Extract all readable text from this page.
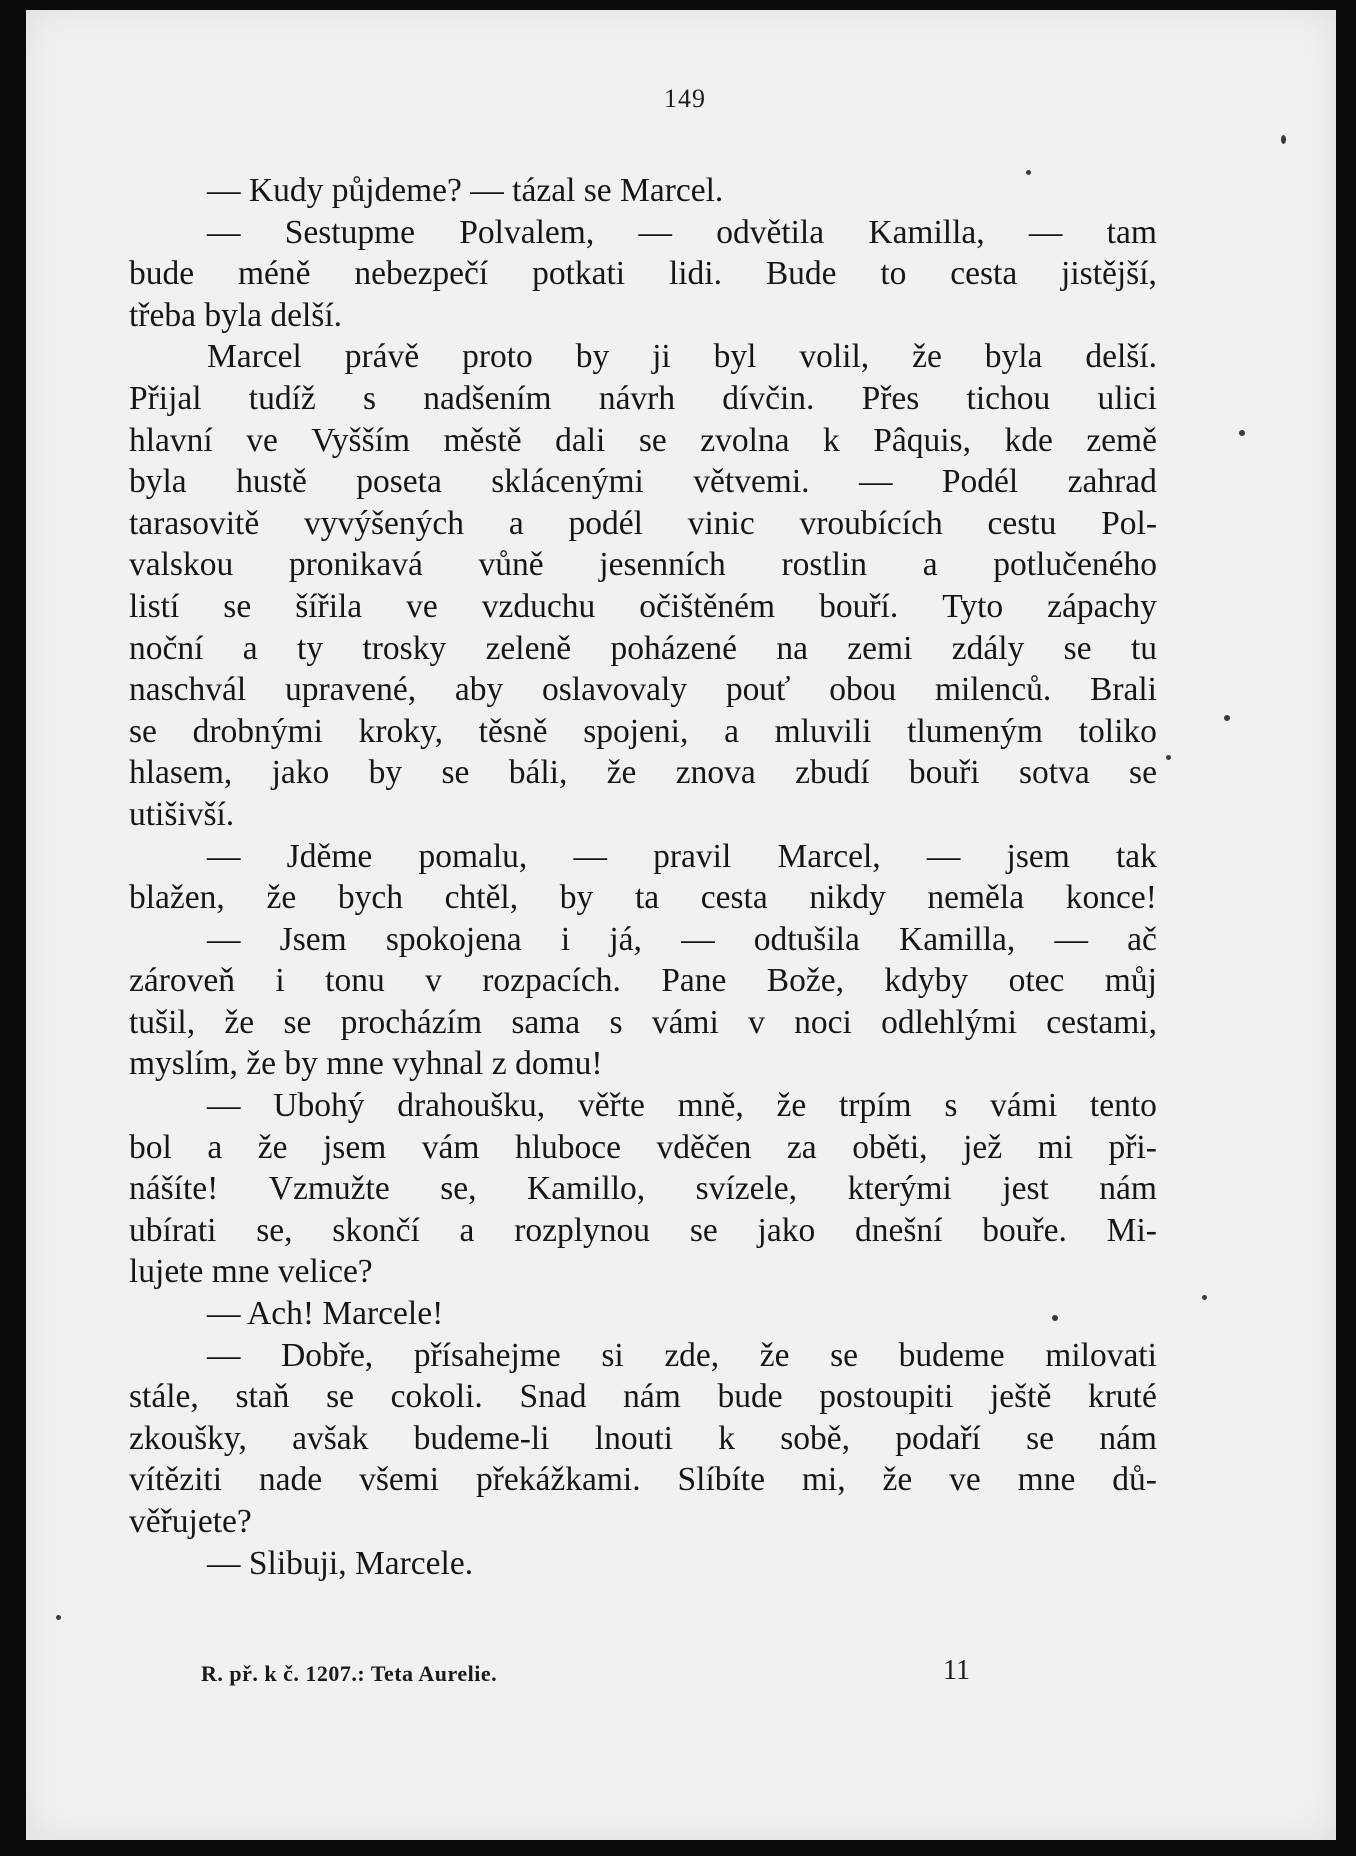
149
— Kudy půjdeme? — tázal se Marcel.
— Sestupme Polvalem, — odvětila Kamilla, — tam
bude méně nebezpečí potkati lidi. Bude to cesta jistější,
třeba byla delší.
Marcel právě proto by ji byl volil, že byla delší.
Přijal tudíž s nadšením návrh dívčin. Přes tichou ulici
hlavní ve Vyšším městě dali se zvolna k Pâquis, kde země
byla hustě poseta sklácenými větvemi. — Podél zahrad
tarasovitě vyvýšených a podél vinic vroubících cestu Pol-
valskou pronikavá vůně jesenních rostlin a potlučeného
listí se šířila ve vzduchu očištěném bouří. Tyto zápachy
noční a ty trosky zeleně poházené na zemi zdály se tu
naschvál upravené, aby oslavovaly pouť obou milenců. Brali
se drobnými kroky, těsně spojeni, a mluvili tlumeným toliko
hlasem, jako by se báli, že znova zbudí bouři sotva se
utišivší.
— Jděme pomalu, — pravil Marcel, — jsem tak
blažen, že bych chtěl, by ta cesta nikdy neměla konce!
— Jsem spokojena i já, — odtušila Kamilla, — ač
zároveň i tonu v rozpacích. Pane Bože, kdyby otec můj
tušil, že se procházím sama s vámi v noci odlehlými cestami,
myslím, že by mne vyhnal z domu!
— Ubohý drahoušku, věřte mně, že trpím s vámi tento
bol a že jsem vám hluboce vděčen za oběti, jež mi při-
nášíte! Vzmužte se, Kamillo, svízele, kterými jest nám
ubírati se, skončí a rozplynou se jako dnešní bouře. Mi-
lujete mne velice?
— Ach! Marcele!
— Dobře, přísahejme si zde, že se budeme milovati
stále, staň se cokoli. Snad nám bude postoupiti ještě kruté
zkoušky, avšak budeme-li lnouti k sobě, podaří se nám
vítěziti nade všemi překážkami. Slíbíte mi, že ve mne dů-
věřujete?
— Slibuji, Marcele.
R. př. k č. 1207.: Teta Aurelie.	11
